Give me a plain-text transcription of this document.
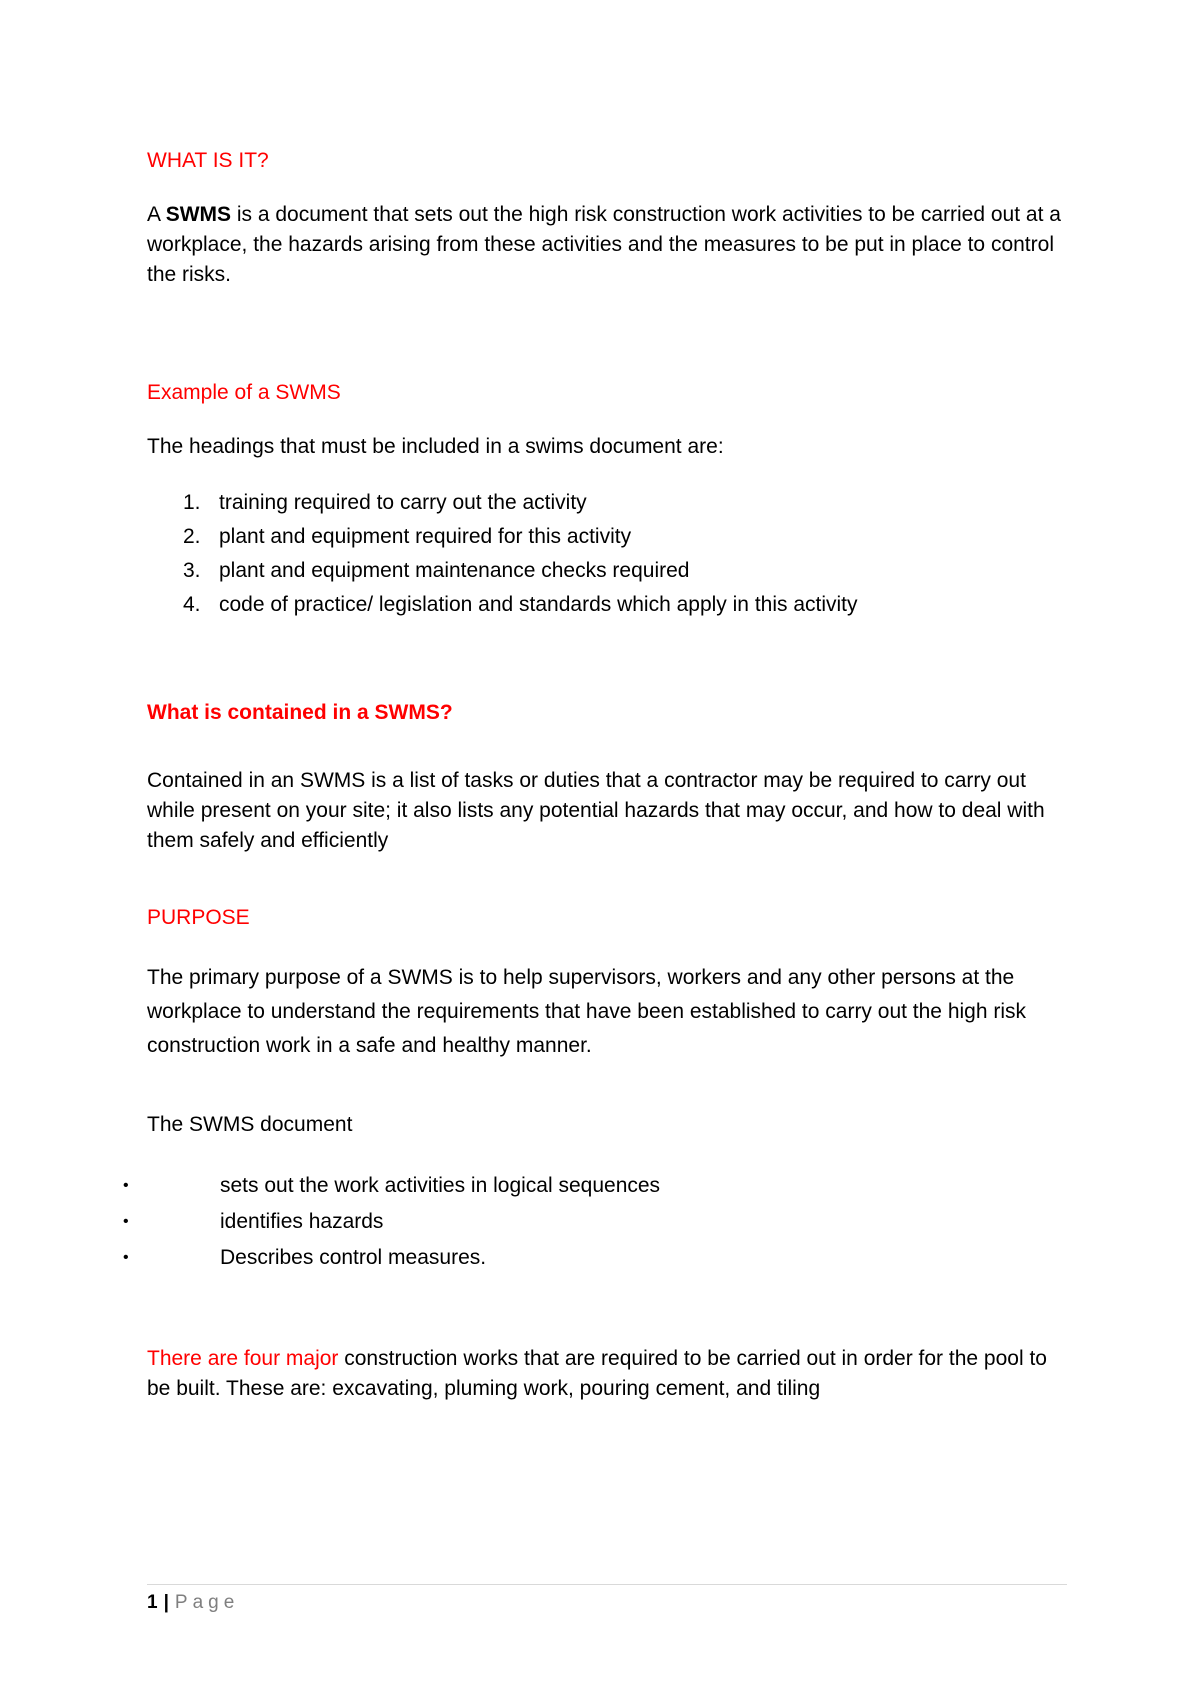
WHAT IS IT?

A SWMS is a document that sets out the high risk construction work activities to be carried out at a workplace, the hazards arising from these activities and the measures to be put in place to control the risks.

Example of a SWMS

The headings that must be included in a swims document are:

1. training required to carry out the activity
2. plant and equipment required for this activity
3. plant and equipment maintenance checks required
4. code of practice/ legislation and standards which apply in this activity
What is contained in a SWMS?

Contained in an SWMS is a list of tasks or duties that a contractor may be required to carry out while present on your site; it also lists any potential hazards that may occur, and how to deal with them safely and efficiently

PURPOSE

The primary purpose of a SWMS is to help supervisors, workers and any other persons at the workplace to understand the requirements that have been established to carry out the high risk construction work in a safe and healthy manner.

The SWMS document

•	sets out the work activities in logical sequences
•	identifies hazards
•	Describes control measures.

There are four major construction works that are required to be carried out in order for the pool to be built. These are: excavating, pluming work, pouring cement, and tiling

1 | Page
